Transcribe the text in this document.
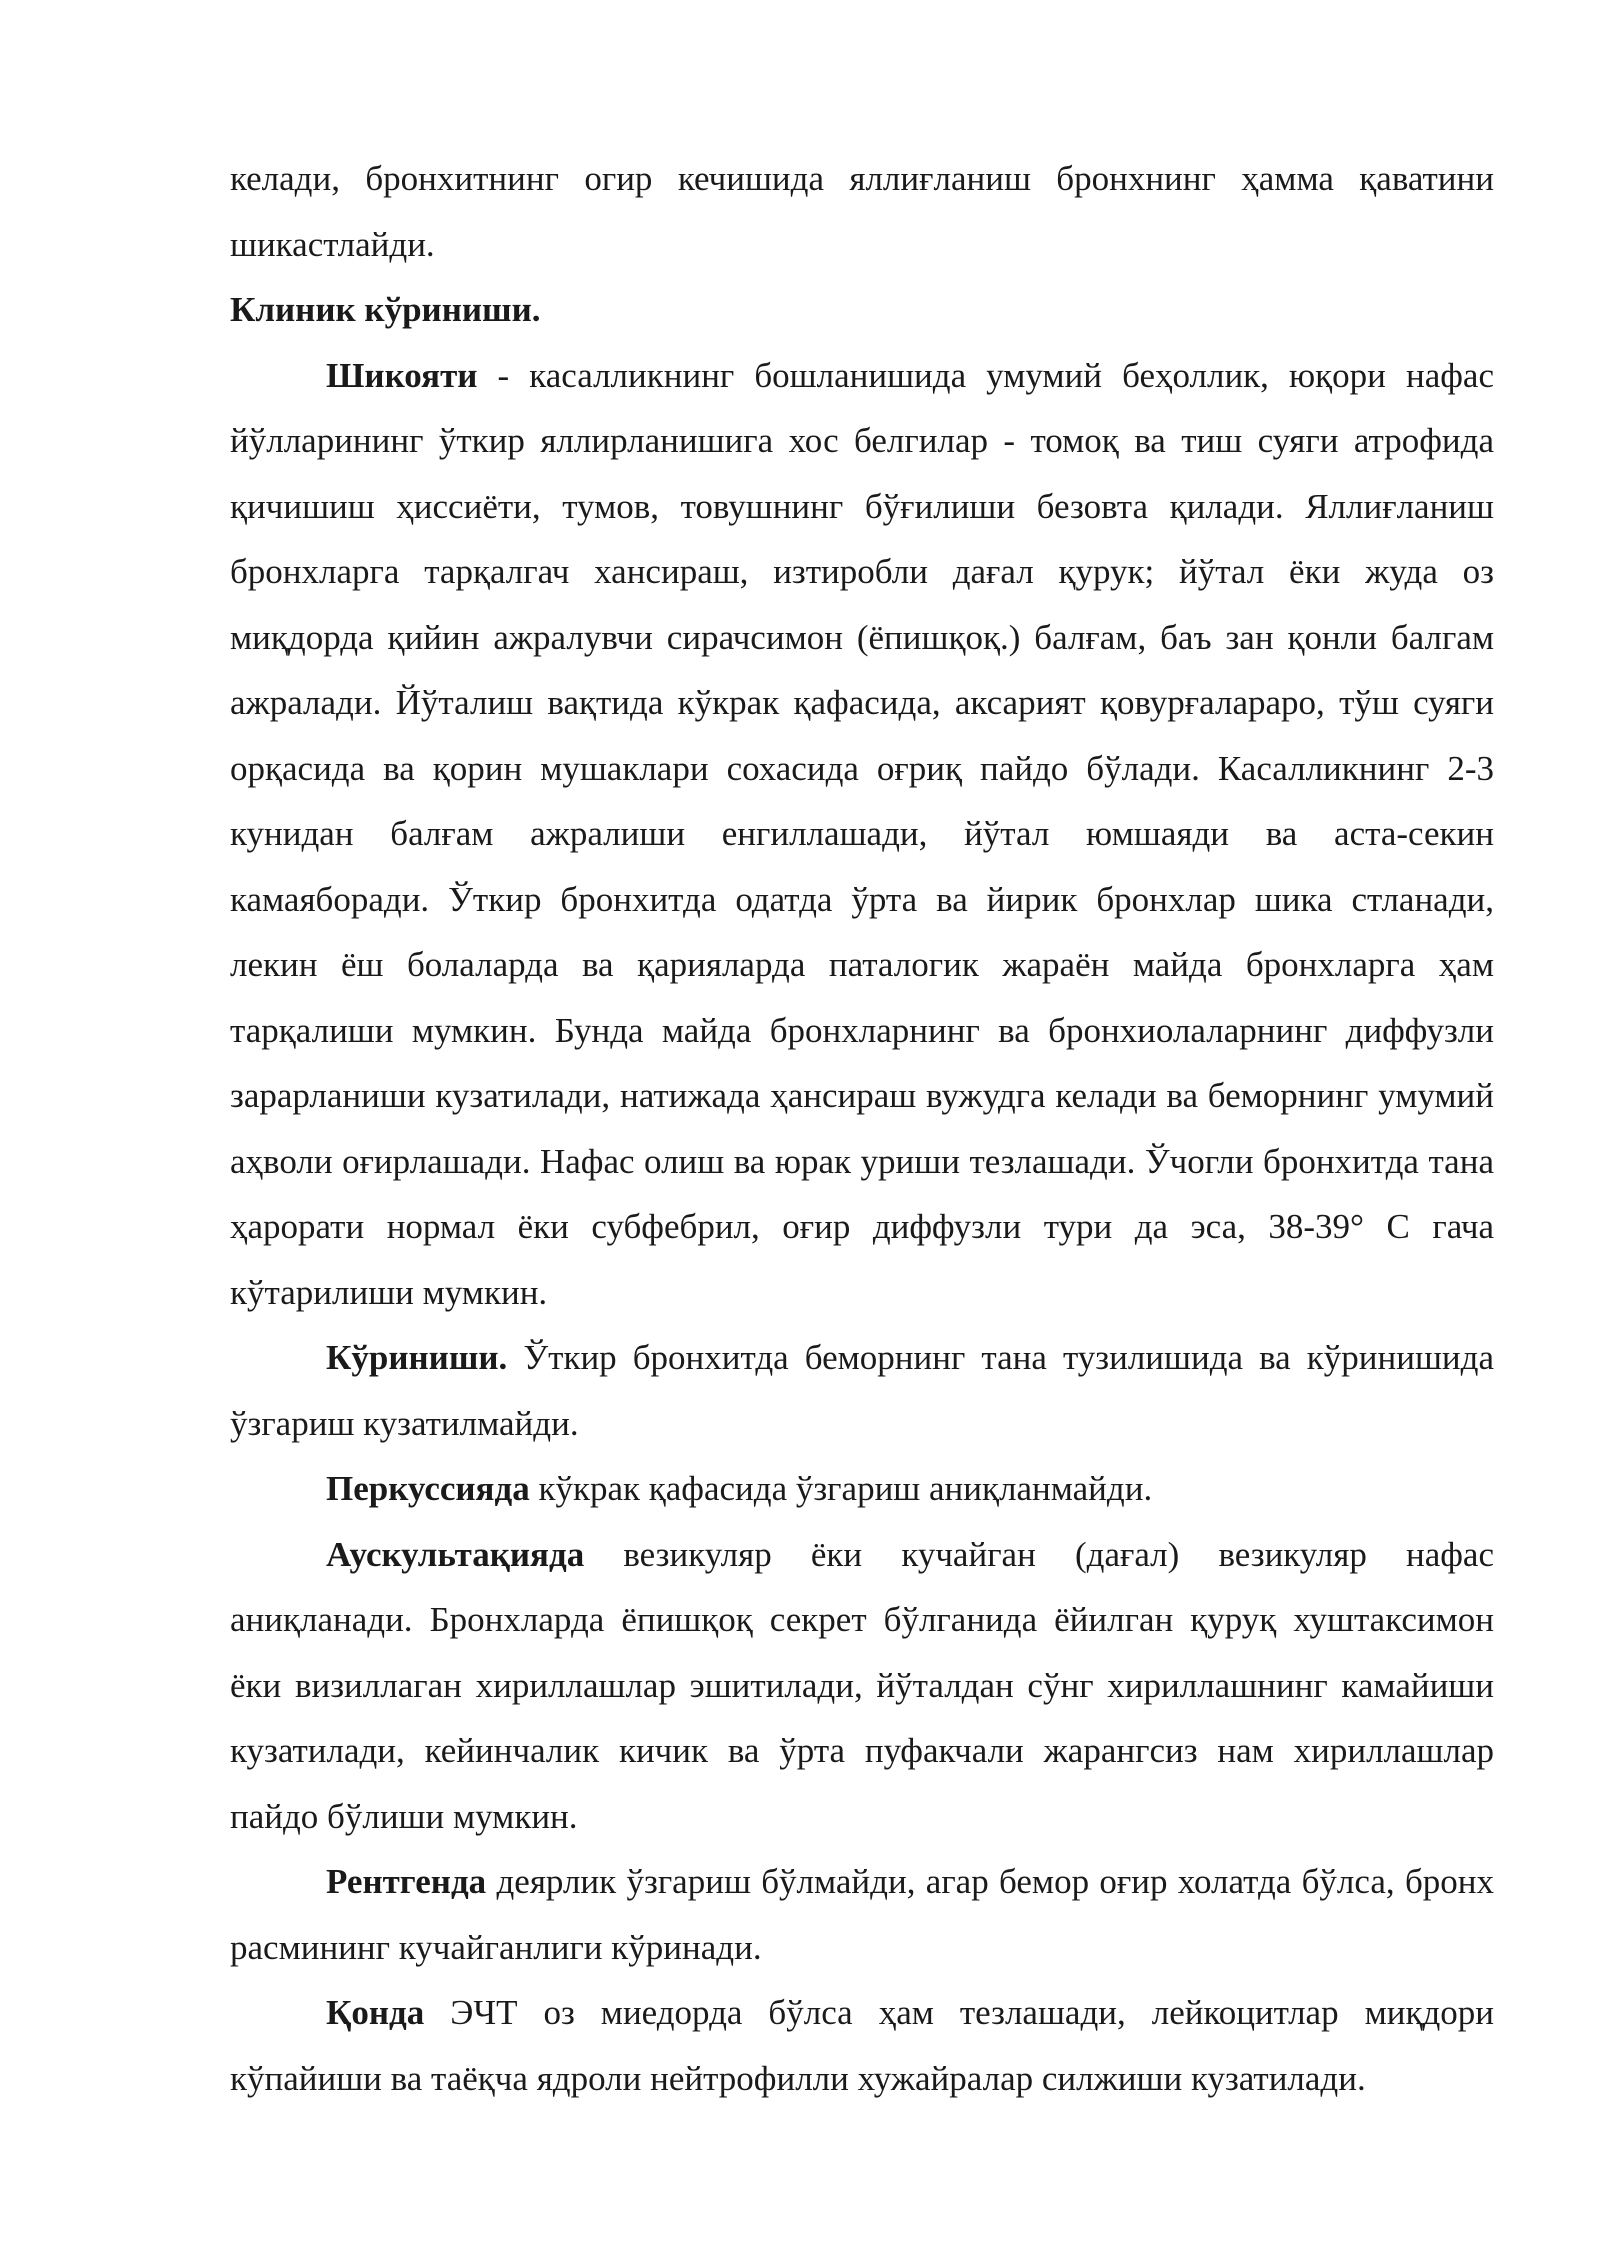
келади, бронхитнинг огир кечишида яллиғланиш бронхнинг ҳамма қаватини шикастлайди.

Клиник кўриниши.

Шикояти - касалликнинг бошланишида умумий беҳоллик, юқори нафас йўлларининг ўткир яллирланишига хос белгилар - томоқ ва тиш суяги атрофида қичишиш ҳиссиёти, тумов, товушнинг бўғилиши безовта қилади. Яллиғланиш бронхларга тарқалгач хансираш, изтиробли дағал қурук; йўтал ёки жуда оз миқдорда қийин ажралувчи сирачсимон (ёпишқоқ.) балғам, баъ зан қонли балгам ажралади. Йўталиш вақтида кўкрак қафасида, аксарият қовурғалараро, тўш суяги орқасида ва қорин мушаклари сохасида оғриқ пайдо бўлади. Касалликнинг 2-3 кунидан балғам ажралиши енгиллашади, йўтал юмшаяди ва аста-секин камаяборади. Ўткир бронхитда одатда ўрта ва йирик бронхлар шика стланади, лекин ёш болаларда ва қарияларда паталогик жараён майда бронхларга ҳам тарқалиши мумкин. Бунда майда бронхларнинг ва бронхиолаларнинг диффузли зарарланиши кузатилади, натижада ҳансираш вужудга келади ва беморнинг умумий аҳволи оғирлашади. Нафас олиш ва юрак уриши тезлашади. Ўчогли бронхитда тана ҳарорати нормал ёки субфебрил, оғир диффузли тури да эса, 38-39° С гача кўтарилиши мумкин.

Кўриниши. Ўткир бронхитда беморнинг тана тузилишида ва кўринишида ўзгариш кузатилмайди.

Перкуссияда кўкрак қафасида ўзгариш аниқланмайди.

Аускультақияда везикуляр ёки кучайган (дағал) везикуляр нафас аниқланади. Бронхларда ёпишқоқ секрет бўлганида ёйилган қуруқ хуштаксимон ёки визиллаган хириллашлар эшитилади, йўталдан сўнг хириллашнинг камайиши кузатилади, кейинчалик кичик ва ўрта пуфакчали жарангсиз нам хириллашлар пайдо бўлиши мумкин.

Рентгенда деярлик ўзгариш бўлмайди, агар бемор оғир холатда бўлса, бронх расмининг кучайганлиги кўринади.

Қонда ЭЧТ оз миедорда бўлса ҳам тезлашади, лейкоцитлар миқдори кўпайиши ва таёқча ядроли нейтрофилли хужайралар силжиши кузатилади.
